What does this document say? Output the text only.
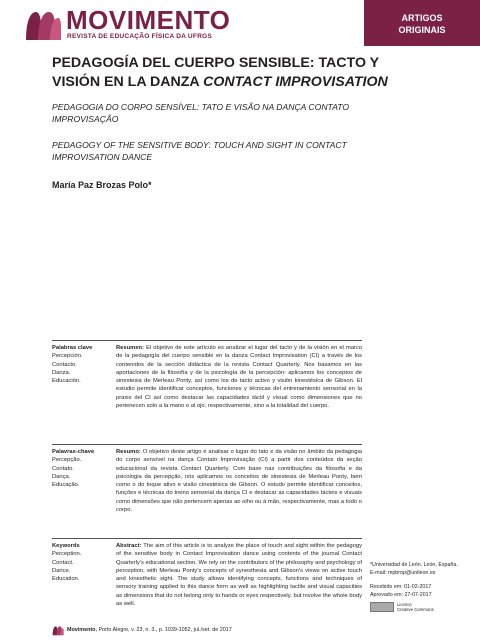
MOVIMENTO
REVISTA DE EDUCAÇÃO FÍSICA DA UFRGS
ARTIGOS
ORIGINAIS
PEDAGOGÍA DEL CUERPO SENSIBLE: TACTO Y VISIÓN EN LA DANZA CONTACT IMPROVISATION
PEDAGOGIA DO CORPO SENSÍVEL: TATO E VISÃO NA DANÇA CONTATO IMPROVISAÇÃO
PEDAGOGY OF THE SENSITIVE BODY: TOUCH AND SIGHT IN CONTACT IMPROVISATION DANCE
María Paz Brozas Polo*
Palabras clave
Percepción.
Contacto.
Danza.
Educación.
Resumen: El objetivo de este artículo es analizar el lugar del tacto y de la visión en el marco de la pedagogía del cuerpo sensible en la danza Contact Improvisation (CI) a través de los contenidos de la sección didáctica de la revista Contact Quarterly. Nos basamos en las aportaciones de la filosofía y de la psicología de la percepción: aplicamos los conceptos de sinestesia de Merleau Ponty, así como los de tacto activo y visión kinestésica de Gibson. El estudio permite identificar conceptos, funciones y técnicas del entrenamiento sensorial en la praxis del CI así como destacar las capacidades táctil y visual como dimensiones que no pertenecen solo a la mano o al ojo, respectivamente, sino a la totalidad del cuerpo.
Palavras-chave
Percepção.
Contato.
Dança.
Educação.
Resumo: O objetivo deste artigo é analisar o lugar do tato e da visão no âmbito da pedagogia do corpo sensível na dança Contato Improvisação (CI) a partir dos conteúdos da seção educacional da revista Contact Quarterly. Com base nas contribuições da filosofia e da psicologia da percepção, nós aplicamos os conceitos de sinestesia de Merleau Ponty, bem como o do toque ativo e visão cinestésica de Gibson. O estudo permite identificar conceitos, funções e técnicas do treino sensorial da dança CI e destacar as capacidades tácteis e visuais como dimensões que não pertencem apenas ao olho ou à mão, respectivamente, mas a todo o corpo.
Keywords
Perception.
Contact.
Dance.
Education.
Abstract: The aim of this article is to analyze the place of touch and sight within the pedagogy of the sensitive body in Contact Improvisation dance using contents of the journal Contact Quarterly's educational section. We rely on the contributors of the philosophy and psychology of perception, with Merleau Ponty's concepts of synesthesia and Gibson's views on active touch and kinesthetic sight. The study allows identifying concepts, functions and techniques of sensory training applied to this dance form as well as highlighting tactile and visual capacities as dimensions that do not belong only to hands or eyes respectively, but involve the whole body as well.
*Universidad de León. León, España.
E-mail: mpbrop@unileon.es
Recebido em: 01-02-2017
Aprovado em: 27-07-2017
Licence
Creative Commons
Movimento, Porto Alegre, v. 23, n. 3., p. 1039-1052, jul./set. de 2017
